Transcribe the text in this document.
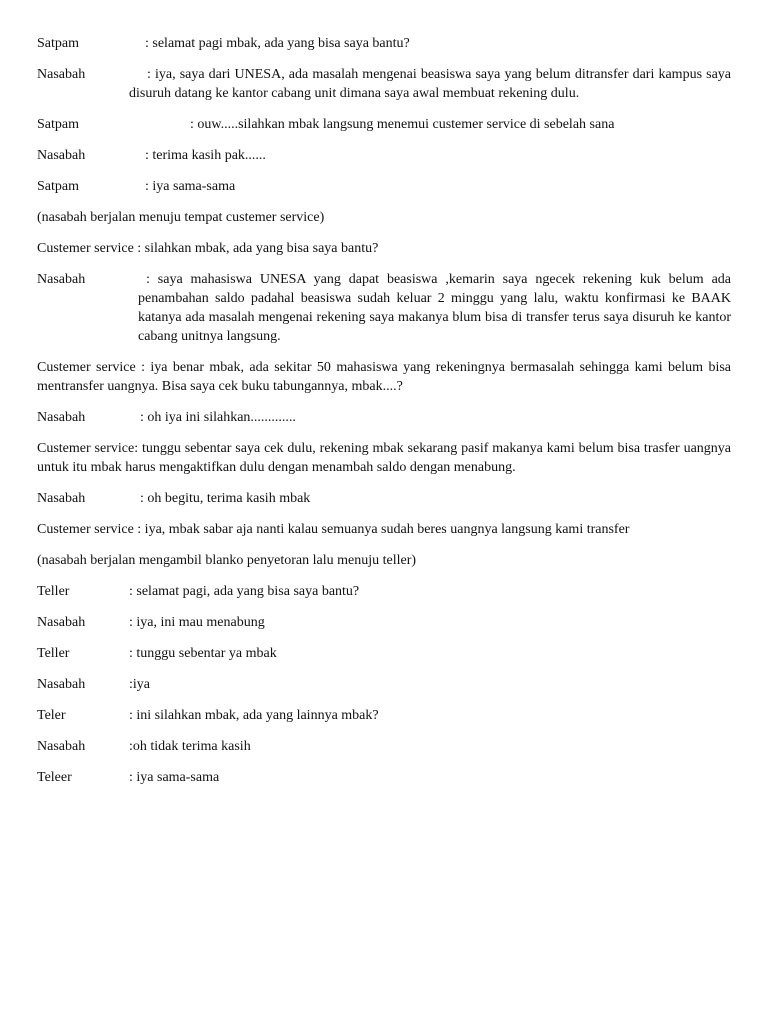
Satpam	: selamat pagi mbak, ada yang bisa saya bantu?
Nasabah	: iya, saya dari UNESA, ada masalah mengenai beasiswa saya yang belum ditransfer dari kampus saya disuruh datang ke kantor cabang unit dimana saya awal membuat rekening dulu.
Satpam	: ouw.....silahkan mbak langsung menemui custemer service di sebelah sana
Nasabah	: terima kasih pak......
Satpam	: iya sama-sama
(nasabah berjalan menuju tempat custemer service)
Custemer service : silahkan mbak, ada yang bisa saya bantu?
Nasabah	: saya mahasiswa UNESA yang dapat beasiswa ,kemarin saya ngecek rekening kuk belum ada penambahan saldo padahal beasiswa sudah keluar 2 minggu yang lalu, waktu konfirmasi ke BAAK katanya ada masalah mengenai rekening saya makanya blum bisa di transfer terus saya disuruh ke kantor cabang unitnya langsung.
Custemer service : iya benar mbak, ada sekitar 50 mahasiswa yang rekeningnya bermasalah sehingga kami belum bisa mentransfer uangnya. Bisa saya cek buku tabungannya, mbak....?
Nasabah	: oh iya ini silahkan.............
Custemer service: tunggu sebentar saya cek dulu, rekening mbak sekarang pasif makanya kami belum bisa trasfer uangnya untuk itu mbak harus mengaktifkan dulu dengan menambah saldo dengan menabung.
Nasabah	: oh begitu, terima kasih mbak
Custemer service : iya, mbak sabar aja nanti kalau semuanya sudah beres uangnya langsung kami transfer
(nasabah berjalan mengambil blanko penyetoran lalu menuju teller)
Teller	: selamat pagi, ada yang bisa saya bantu?
Nasabah	: iya, ini mau menabung
Teller	: tunggu sebentar ya mbak
Nasabah	:iya
Teler	: ini silahkan mbak, ada yang lainnya mbak?
Nasabah	:oh tidak terima kasih
Teleer	: iya sama-sama
